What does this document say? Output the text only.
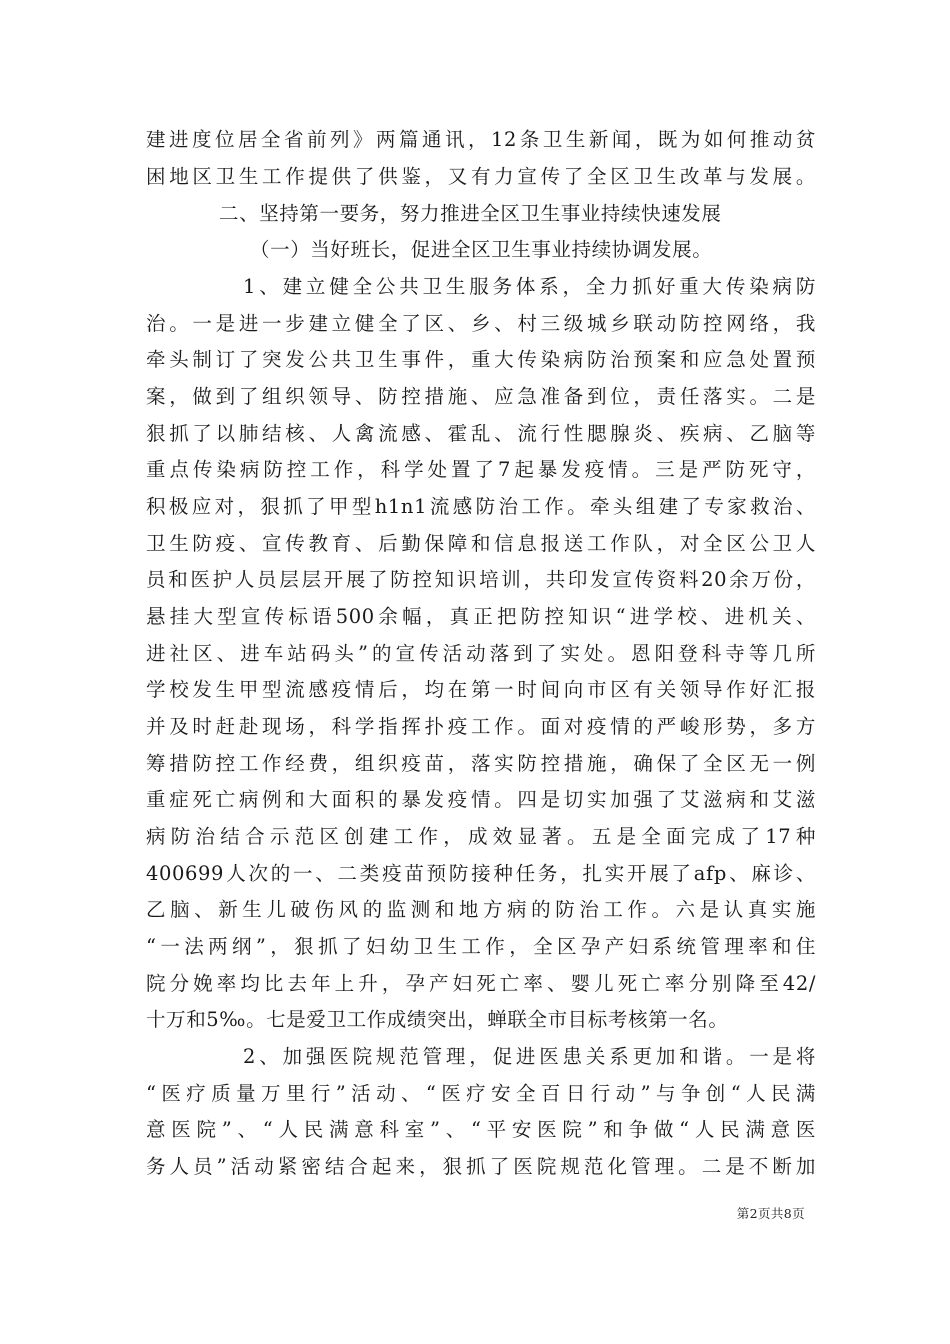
建进度位居全省前列》两篇通讯，12条卫生新闻，既为如何推动贫
困地区卫生工作提供了供鉴，又有力宣传了全区卫生改革与发展。
二、坚持第一要务，努力推进全区卫生事业持续快速发展
（一）当好班长，促进全区卫生事业持续协调发展。
1、建立健全公共卫生服务体系，全力抓好重大传染病防
治。一是进一步建立健全了区、乡、村三级城乡联动防控网络，我
牵头制订了突发公共卫生事件，重大传染病防治预案和应急处置预
案，做到了组织领导、防控措施、应急准备到位，责任落实。二是
狠抓了以肺结核、人禽流感、霍乱、流行性腮腺炎、疾病、乙脑等
重点传染病防控工作，科学处置了7起暴发疫情。三是严防死守，
积极应对，狠抓了甲型h1n1流感防治工作。牵头组建了专家救治、
卫生防疫、宣传教育、后勤保障和信息报送工作队，对全区公卫人
员和医护人员层层开展了防控知识培训，共印发宣传资料20余万份，
悬挂大型宣传标语500余幅，真正把防控知识“进学校、进机关、
进社区、进车站码头”的宣传活动落到了实处。恩阳登科寺等几所
学校发生甲型流感疫情后，均在第一时间向市区有关领导作好汇报
并及时赶赴现场，科学指挥扑疫工作。面对疫情的严峻形势，多方
筹措防控工作经费，组织疫苗，落实防控措施，确保了全区无一例
重症死亡病例和大面积的暴发疫情。四是切实加强了艾滋病和艾滋
病防治结合示范区创建工作，成效显著。五是全面完成了17种
400699人次的一、二类疫苗预防接种任务，扎实开展了afp、麻诊、
乙脑、新生儿破伤风的监测和地方病的防治工作。六是认真实施
“一法两纲”，狠抓了妇幼卫生工作，全区孕产妇系统管理率和住
院分娩率均比去年上升，孕产妇死亡率、婴儿死亡率分别降至42/
十万和5‰。七是爱卫工作成绩突出，蝉联全市目标考核第一名。
2、加强医院规范管理，促进医患关系更加和谐。一是将
“医疗质量万里行”活动、“医疗安全百日行动”与争创“人民满
意医院”、“人民满意科室”、“平安医院”和争做“人民满意医
务人员”活动紧密结合起来，狠抓了医院规范化管理。二是不断加
第2页共8页
